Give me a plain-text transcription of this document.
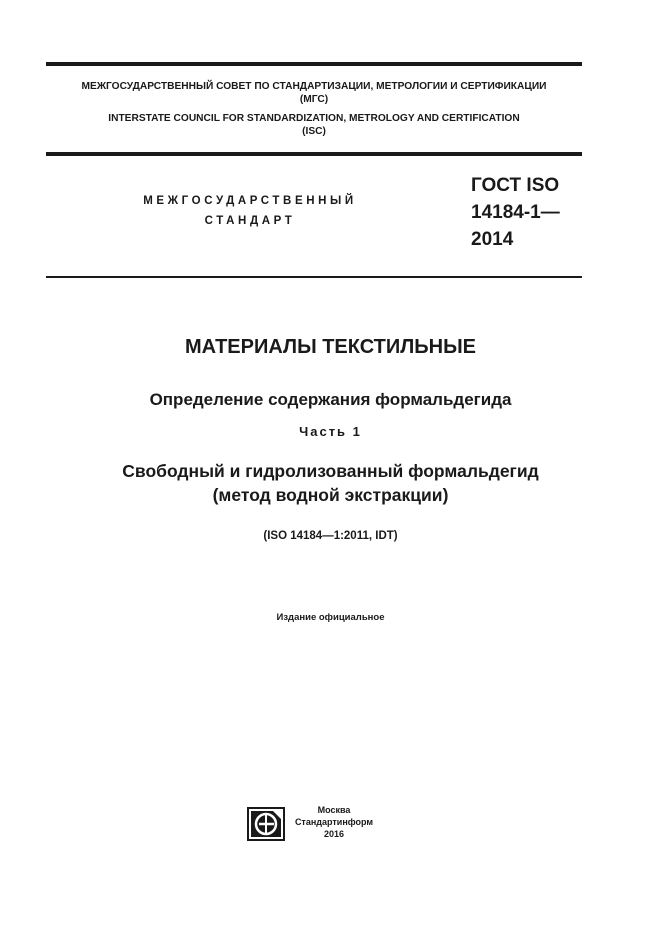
МЕЖГОСУДАРСТВЕННЫЙ СОВЕТ ПО СТАНДАРТИЗАЦИИ, МЕТРОЛОГИИ И СЕРТИФИКАЦИИ
(МГС)
INTERSTATE COUNCIL FOR STANDARDIZATION, METROLOGY AND CERTIFICATION
(ISC)
МЕЖГОСУДАРСТВЕННЫЙ
СТАНДАРТ
ГОСТ ISO
14184-1—
2014
МАТЕРИАЛЫ ТЕКСТИЛЬНЫЕ
Определение содержания формальдегида
Часть 1
Свободный и гидролизованный формальдегид
(метод водной экстракции)
(ISO 14184—1:2011, IDT)
Издание официальное
Москва
Стандартинформ
2016
